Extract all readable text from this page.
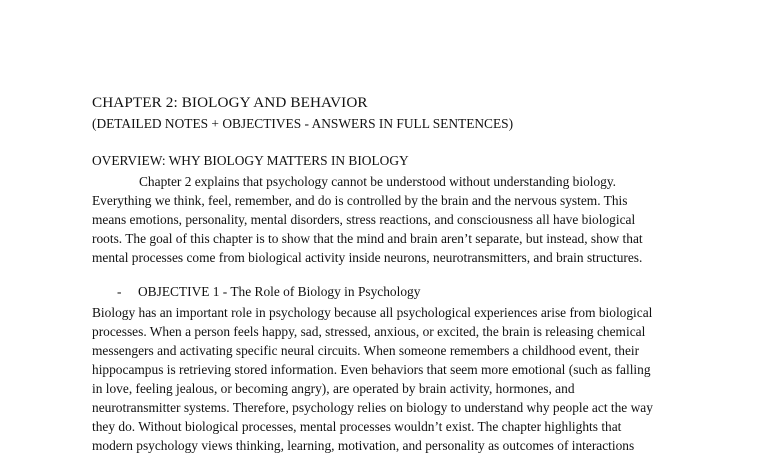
CHAPTER 2: BIOLOGY AND BEHAVIOR
(DETAILED NOTES + OBJECTIVES - ANSWERS IN FULL SENTENCES)
OVERVIEW: WHY BIOLOGY MATTERS IN BIOLOGY
Chapter 2 explains that psychology cannot be understood without understanding biology.
Everything we think, feel, remember, and do is controlled by the brain and the nervous system. This
means emotions, personality, mental disorders, stress reactions, and consciousness all have biological
roots. The goal of this chapter is to show that the mind and brain aren’t separate, but instead, show that
mental processes come from biological activity inside neurons, neurotransmitters, and brain structures.
- OBJECTIVE 1 - The Role of Biology in Psychology
Biology has an important role in psychology because all psychological experiences arise from biological
processes. When a person feels happy, sad, stressed, anxious, or excited, the brain is releasing chemical
messengers and activating specific neural circuits. When someone remembers a childhood event, their
hippocampus is retrieving stored information. Even behaviors that seem more emotional (such as falling
in love, feeling jealous, or becoming angry), are operated by brain activity, hormones, and
neurotransmitter systems. Therefore, psychology relies on biology to understand why people act the way
they do. Without biological processes, mental processes wouldn’t exist. The chapter highlights that
modern psychology views thinking, learning, motivation, and personality as outcomes of interactions
